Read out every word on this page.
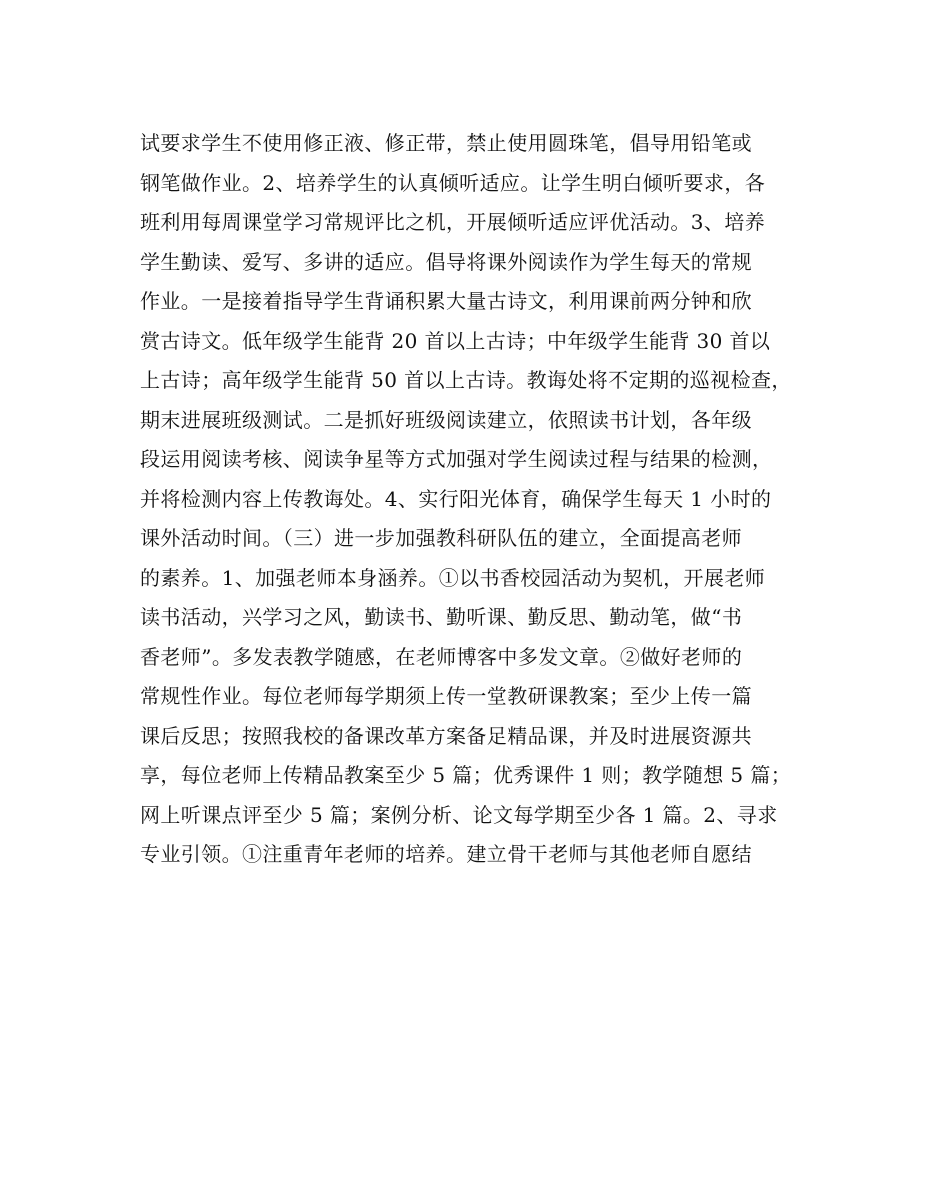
试要求学生不使用修正液、修正带，禁止使用圆珠笔，倡导用铅笔或
钢笔做作业。2、培养学生的认真倾听适应。让学生明白倾听要求，各
班利用每周课堂学习常规评比之机，开展倾听适应评优活动。3、培养
学生勤读、爱写、多讲的适应。倡导将课外阅读作为学生每天的常规
作业。一是接着指导学生背诵积累大量古诗文，利用课前两分钟和欣
赏古诗文。低年级学生能背 20 首以上古诗；中年级学生能背 30 首以
上古诗；高年级学生能背 50 首以上古诗。教诲处将不定期的巡视检查，
期末进展班级测试。二是抓好班级阅读建立，依照读书计划，各年级
段运用阅读考核、阅读争星等方式加强对学生阅读过程与结果的检测，
并将检测内容上传教诲处。4、实行阳光体育，确保学生每天 1 小时的
课外活动时间。（三）进一步加强教科研队伍的建立，全面提高老师
的素养。1、加强老师本身涵养。①以书香校园活动为契机，开展老师
读书活动，兴学习之风，勤读书、勤听课、勤反思、勤动笔，做“书
香老师”。多发表教学随感，在老师博客中多发文章。②做好老师的
常规性作业。每位老师每学期须上传一堂教研课教案；至少上传一篇
课后反思；按照我校的备课改革方案备足精品课，并及时进展资源共
享，每位老师上传精品教案至少 5 篇；优秀课件 1 则；教学随想 5 篇；
网上听课点评至少 5 篇；案例分析、论文每学期至少各 1 篇。2、寻求
专业引领。①注重青年老师的培养。建立骨干老师与其他老师自愿结
